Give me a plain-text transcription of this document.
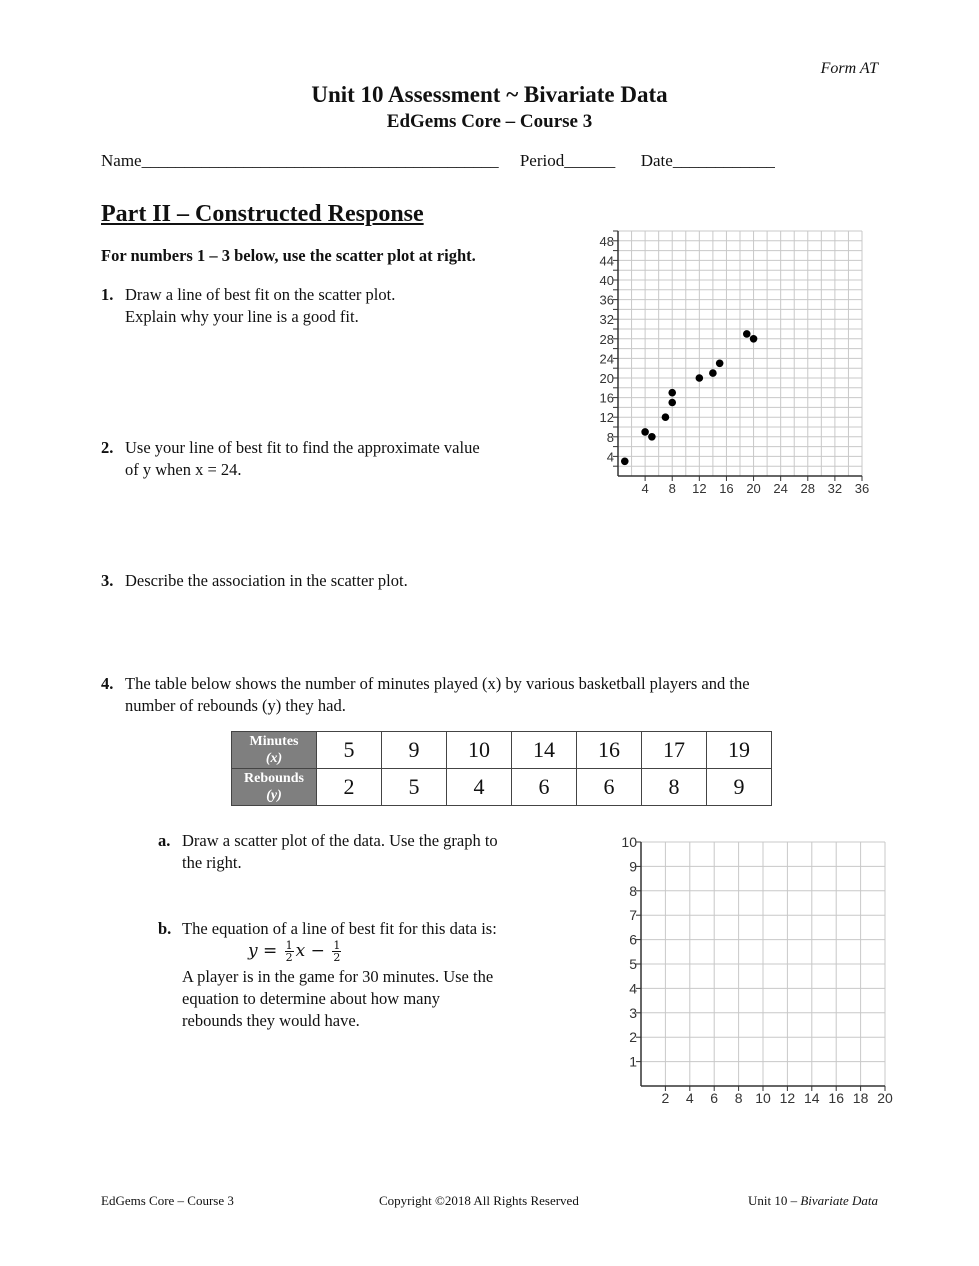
Form AT
Unit 10 Assessment ~ Bivariate Data
EdGems Core – Course 3
Name__________________________________________     Period______      Date____________
Part II – Constructed Response
For numbers 1 – 3 below, use the scatter plot at right.
1. Draw a line of best fit on the scatter plot.
Explain why your line is a good fit.
2. Use your line of best fit to find the approximate value
of y when x = 24.
3. Describe the association in the scatter plot.
4. The table below shows the number of minutes played (x) by various basketball players and the
number of rebounds (y) they had.
4 8 12 16 20 24 28 32 36
4
8
12
16
20
24
28
32
36
40
44
48
Minutes
(x)	5	9	10	14	16	17	19
Rebounds
(y)	2	5	4	6	6	8	9
a. Draw a scatter plot of the data. Use the graph to
the right.
b. The equation of a line of best fit for this data is:
$y = \frac{1}{2}$ $x - \frac{1}{2}$
A player is in the game for 30 minutes. Use the
equation to determine about how many
rebounds they would have.
2 4 6 8 10 12 14 16 18 20
1
2
3
4
5
6
7
8
9
10
EdGems Core – Course 3	Copyright ©2018 All Rights Reserved	Unit 10 – Bivariate Data
